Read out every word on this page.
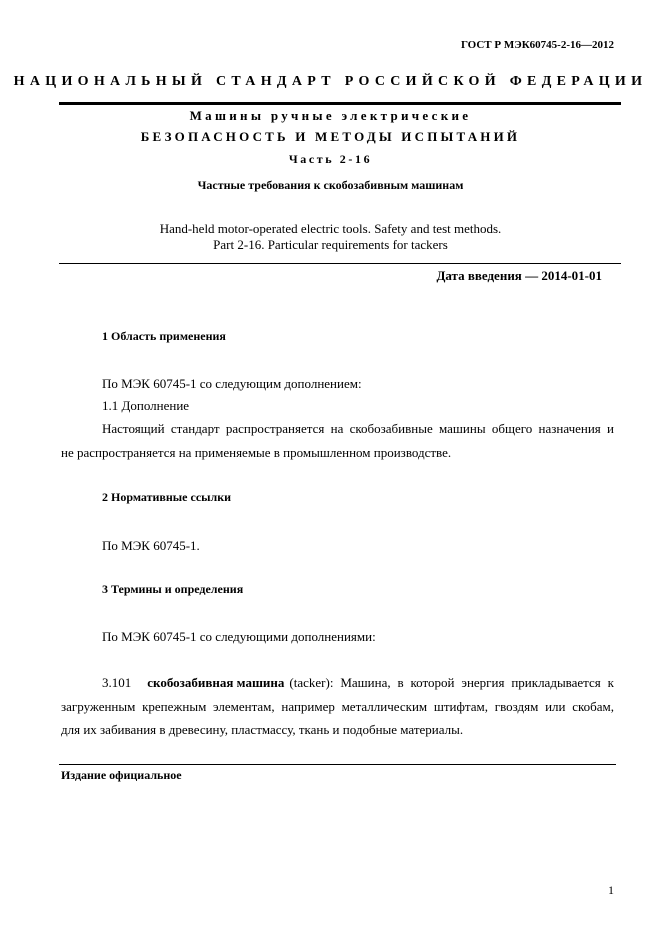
ГОСТ Р МЭК60745-2-16—2012
НАЦИОНАЛЬНЫЙ СТАНДАРТ РОССИЙСКОЙ ФЕДЕРАЦИИ
Машины ручные электрические
БЕЗОПАСНОСТЬ И МЕТОДЫ ИСПЫТАНИЙ
Часть 2-16
Частные требования к скобозабивным машинам
Hand-held motor-operated electric tools. Safety and test methods.
Part 2-16. Particular requirements for tackers
Дата введения — 2014-01-01
1 Область применения
По МЭК 60745-1 со следующим дополнением:
1.1 Дополнение
Настоящий стандарт распространяется на скобозабивные машины общего назначения и
не распространяется на применяемые в промышленном производстве.
2 Нормативные ссылки
По МЭК 60745-1.
3 Термины и определения
По МЭК 60745-1 со следующими дополнениями:
3.101 скобозабивная машина (tacker): Машина, в которой энергия прикладывается к
загруженным крепежным элементам, например металлическим штифтам, гвоздям или скобам,
для их забивания в древесину, пластмассу, ткань и подобные материалы.
Издание официальное
1
